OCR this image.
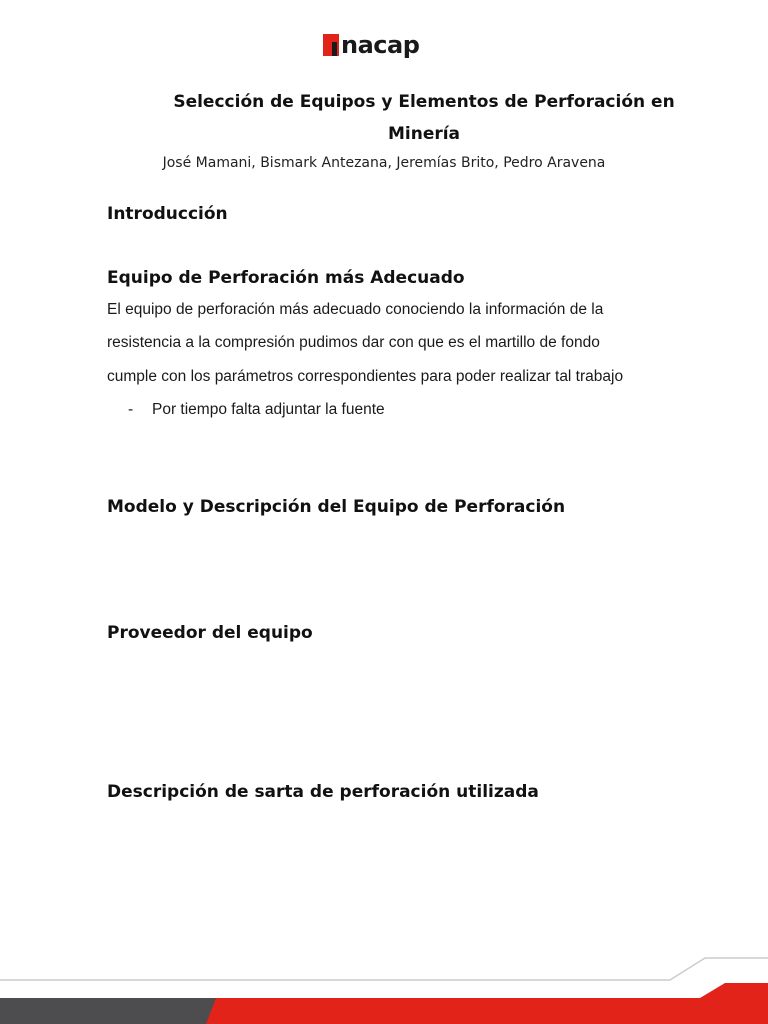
nacap
Selección de Equipos y Elementos de Perforación en
Minería

José Mamani, Bismark Antezana, Jeremías Brito, Pedro Aravena

Introducción
Equipo de Perforación más Adecuado

El equipo de perforación más adecuado conociendo la información de la

resistencia a la compresión pudimos dar con que es el martillo de fondo

cumple con los parámetros correspondientes para poder realizar tal trabajo

-	Por tiempo falta adjuntar la fuente
Modelo y Descripción del Equipo de Perforación
Proveedor del equipo
Descripción de sarta de perforación utilizada
